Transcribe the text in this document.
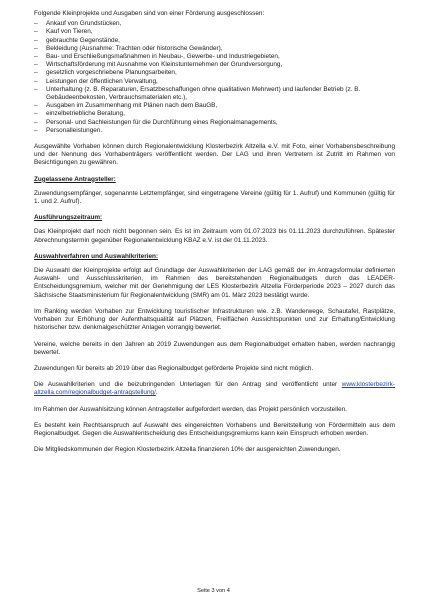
Folgende Kleinprojekte und Ausgaben sind von einer Förderung ausgeschlossen:

– Ankauf von Grundstücken,
– Kauf von Tieren,
– gebrauchte Gegenstände,
– Bekleidung (Ausnahme: Trachten oder historische Gewänder),
– Bau- und Erschließungsmaßnahmen in Neubau-, Gewerbe- und Industriegebieten,
– Wirtschaftsförderung mit Ausnahme von Kleinstunternehmen der Grundversorgung,
– gesetzlich vorgeschriebene Planungsarbeiten,
– Leistungen der öffentlichen Verwaltung,
– Unterhaltung (z. B. Reparaturen, Ersatzbeschaffungen ohne qualitativen Mehrwert) und laufender Betrieb (z. B. Gebäudeenbekosten, Verbrauchsmaterialen etc.),
– Ausgaben im Zusammenhang mit Plänen nach dem BauGB,
– einzelbetriebliche Beratung,
– Personal- und Sachleistungen für die Durchführung eines Regionalmanagements,
– Personalleistungen.

Ausgewählte Vorhaben können durch Regionalentwicklung Klosterbezirk Altzella e.V. mit Foto, einer Vorhabensbeschreibung und der Nennung des Vorhabenträgers veröffentlicht werden. Der LAG und ihren Vertretern ist Zutritt im Rahmen von Besichtigungen zu gewähren.

Zugelassene Antragsteller:

Zuwendungsempfänger, sogenannte Letztempfänger, sind eingetragene Vereine (gültig für 1. Aufruf) und Kommunen (gültig für 1. und 2. Aufruf).

Ausführungszeitraum:

Das Kleinprojekt darf noch nicht begonnen sein. Es ist im Zeitraum vom 01.07.2023 bis 01.11.2023 durchzuführen. Spätester Abrechnungstermin gegenüber Regionalentwicklung KBAZ e.V. ist der 01.11.2023.

Auswahlverfahren und Auswahlkriterien:

Die Auswahl der Kleinprojekte erfolgt auf Grundlage der Auswahlkriterien der LAG gemäß der im Antragsformular definierten Auswahl- und Ausschlusskriterien, im Rahmen des bereitstehenden Regionalbudgets durch das LEADER-Entscheidungsgremium, welcher mit der Genehmigung der LES Klosterbezirk Altzella Förderperiode 2023 – 2027 durch das Sächsische Staatsministerium für Regionalentwicklung (SMR) am 01. März 2023 bestätigt wurde.

Im Ranking werden Vorhaben zur Entwicklung touristischer Infrastrukturen wie. z.B. Wanderwege, Schautafel, Rastplätze, Vorhaben zur Erhöhung der Aufenthaltsqualität auf Plätzen, Freiflächen Aussichtspunkten und zur Erhaltung/Entwicklung historischer bzw. denkmalgeschützter Anlagen vorrangig bewertet.

Vereine, welche bereits in den Jahren ab 2019 Zuwendungen aus dem Regionalbudget erhalten haben, werden nachrangig bewertet.

Zuwendungen für bereits ab 2019 über das Regionalbudget geförderte Projekte sind nicht möglich.

Die Auswahlkriterien und die beizubringenden Unterlagen für den Antrag sind veröffentlicht unter www.klosterbezirk-altzella.com/regionalbudget-antragstellung/.

Im Rahmen der Auswahlsitzung können Antragsteller aufgefordert werden, das Projekt persönlich vorzustellen.

Es besteht kein Rechtsanspruch auf Auswahl des eingereichten Vorhabens und Bereitstellung von Fördermitteln aus dem Regionalbudget. Gegen die Auswahlentscheidung des Entscheidungsgremiums kann kein Einspruch erhoben werden.

Die Mitgliedskommunen der Region Klosterbezirk Altzella finanzieren 10% der ausgereichten Zuwendungen.

Seite 3 von 4
